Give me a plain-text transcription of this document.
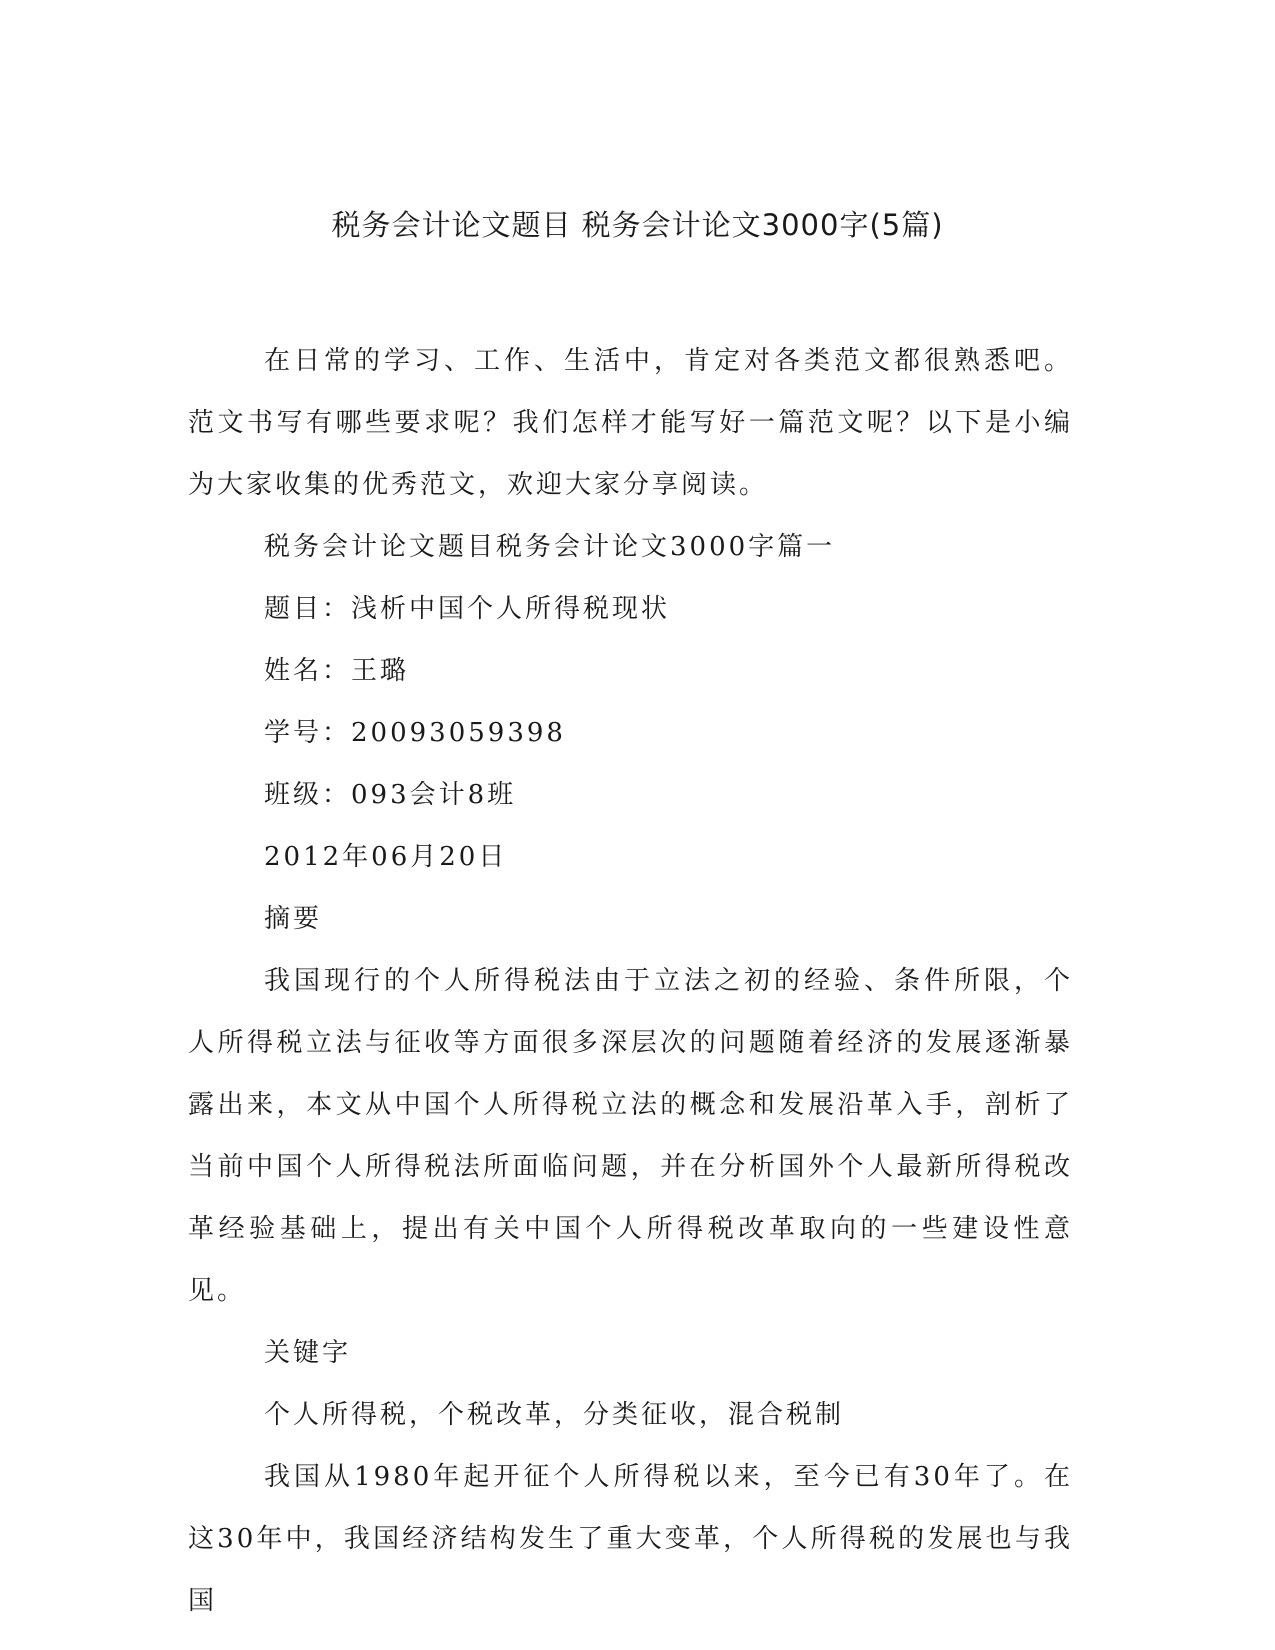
税务会计论文题目 税务会计论文3000字(5篇)

在日常的学习、工作、生活中，肯定对各类范文都很熟悉吧。范文书写有哪些要求呢？我们怎样才能写好一篇范文呢？以下是小编为大家收集的优秀范文，欢迎大家分享阅读。

税务会计论文题目税务会计论文3000字篇一

题目：浅析中国个人所得税现状

姓名：王璐

学号：20093059398

班级：093会计8班

2012年06月20日

摘要

我国现行的个人所得税法由于立法之初的经验、条件所限，个人所得税立法与征收等方面很多深层次的问题随着经济的发展逐渐暴露出来，本文从中国个人所得税立法的概念和发展沿革入手，剖析了当前中国个人所得税法所面临问题，并在分析国外个人最新所得税改革经验基础上，提出有关中国个人所得税改革取向的一些建设性意见。

关键字

个人所得税，个税改革，分类征收，混合税制

我国从1980年起开征个人所得税以来，至今已有30年了。在这30年中，我国经济结构发生了重大变革，个人所得税的发展也与我国
